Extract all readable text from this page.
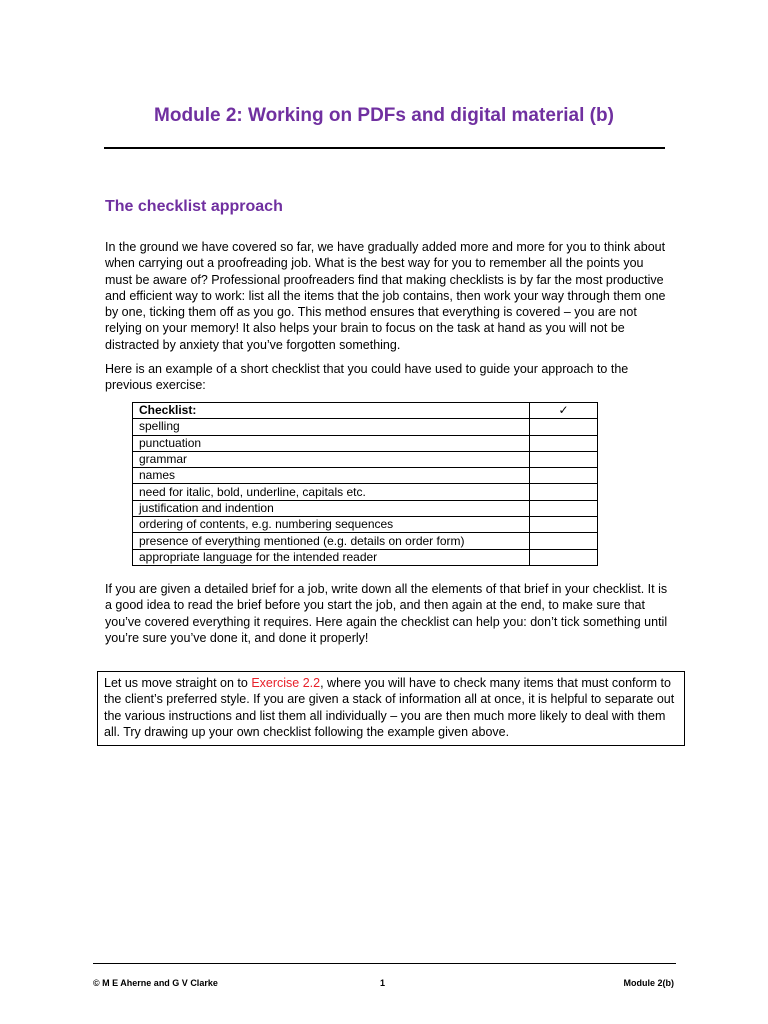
Module 2: Working on PDFs and digital material (b)
The checklist approach

In the ground we have covered so far, we have gradually added more and more for you to think about when carrying out a proofreading job. What is the best way for you to remember all the points you must be aware of? Professional proofreaders find that making checklists is by far the most productive and efficient way to work: list all the items that the job contains, then work your way through them one by one, ticking them off as you go. This method ensures that everything is covered – you are not relying on your memory! It also helps your brain to focus on the task at hand as you will not be distracted by anxiety that you’ve forgotten something.

Here is an example of a short checklist that you could have used to guide your approach to the previous exercise:

Checklist:	✓
spelling	
punctuation	
grammar	
names	
need for italic, bold, underline, capitals etc.	
justification and indention	
ordering of contents, e.g. numbering sequences	
presence of everything mentioned (e.g. details on order form)	
appropriate language for the intended reader	

If you are given a detailed brief for a job, write down all the elements of that brief in your checklist. It is a good idea to read the brief before you start the job, and then again at the end, to make sure that you’ve covered everything it requires. Here again the checklist can help you: don’t tick something until you’re sure you’ve done it, and done it properly!

Let us move straight on to Exercise 2.2, where you will have to check many items that must conform to the client’s preferred style. If you are given a stack of information all at once, it is helpful to separate out the various instructions and list them all individually – you are then much more likely to deal with them all. Try drawing up your own checklist following the example given above.
© M E Aherne and G V Clarke	1	Module 2(b)
